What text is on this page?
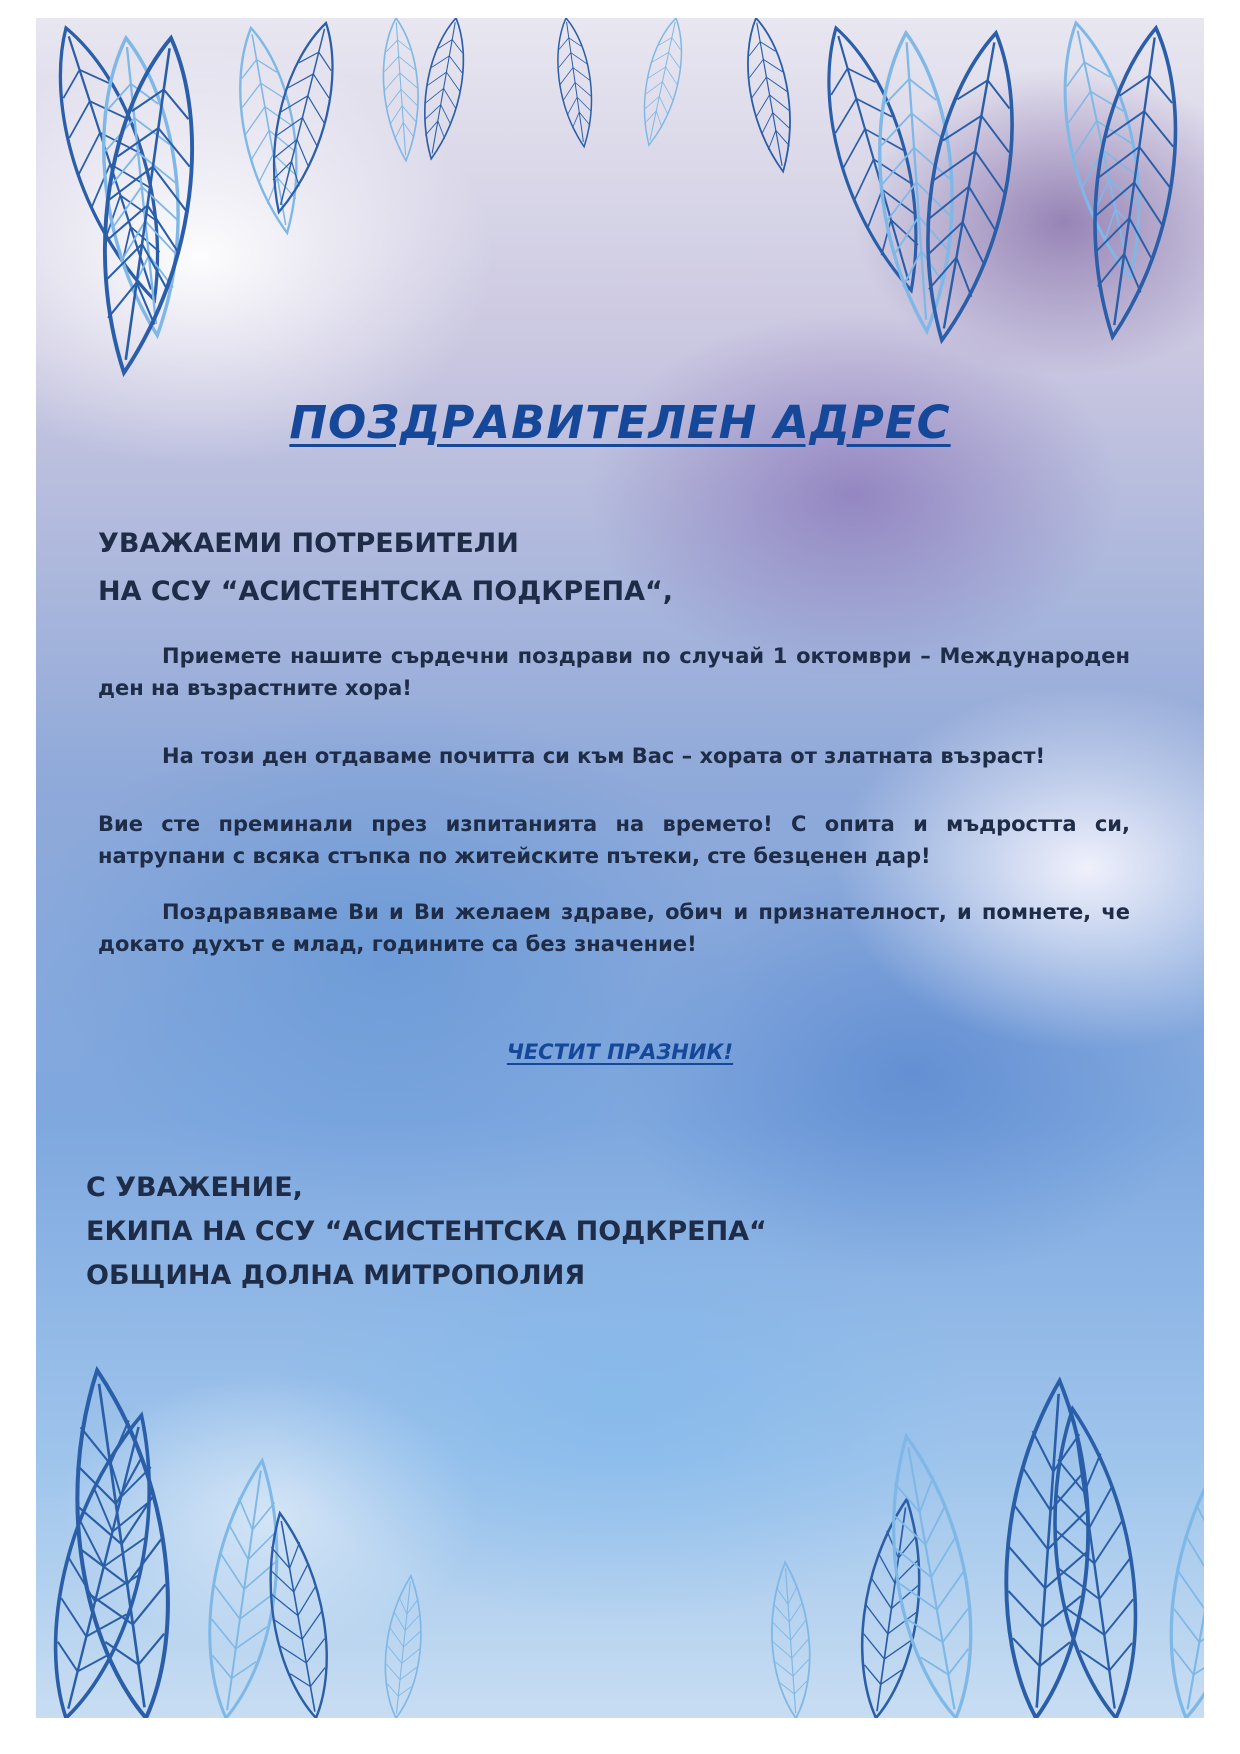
ПОЗДРАВИТЕЛЕН АДРЕС
УВАЖАЕМИ ПОТРЕБИТЕЛИ
НА ССУ “АСИСТЕНТСКА ПОДКРЕПА“,

Приемете нашите сърдечни поздрави по случай 1 октомври – Международен ден на възрастните хора!

На този ден отдаваме почитта си към Вас – хората от златната възраст!

Вие сте преминали през изпитанията на времето! С опита и мъдростта си, натрупани с всяка стъпка по житейските пътеки, сте безценен дар!

Поздравяваме Ви и Ви желаем здраве, обич и признателност, и помнете, че докато духът е млад, годините са без значение!

ЧЕСТИТ ПРАЗНИК!
С УВАЖЕНИЕ,
ЕКИПА НА ССУ “АСИСТЕНТСКА ПОДКРЕПА“
ОБЩИНА ДОЛНА МИТРОПОЛИЯ
